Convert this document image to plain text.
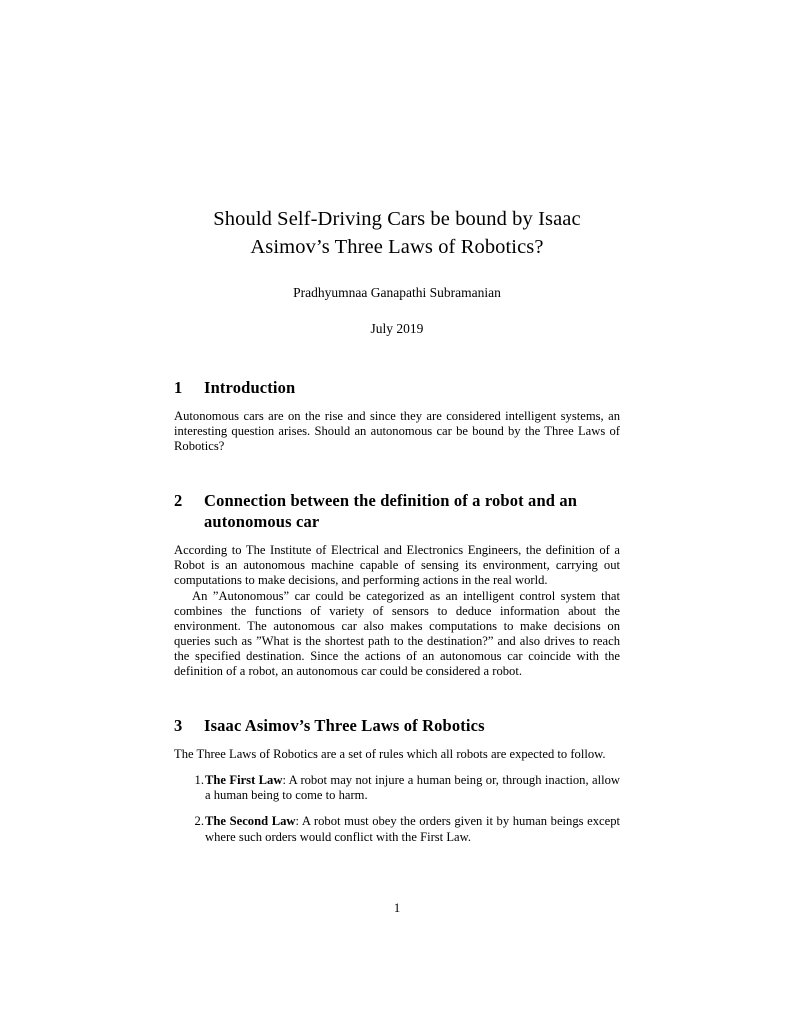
Should Self-Driving Cars be bound by Isaac
Asimov’s Three Laws of Robotics?

Pradhyumnaa Ganapathi Subramanian

July 2019

1 Introduction

Autonomous cars are on the rise and since they are considered intelligent systems, an interesting question arises. Should an autonomous car be bound by the Three Laws of Robotics?

2 Connection between the definition of a robot and an autonomous car

According to The Institute of Electrical and Electronics Engineers, the definition of a Robot is an autonomous machine capable of sensing its environment, carrying out computations to make decisions, and performing actions in the real world.

An ”Autonomous” car could be categorized as an intelligent control system that combines the functions of variety of sensors to deduce information about the environment. The autonomous car also makes computations to make decisions on queries such as ”What is the shortest path to the destination?” and also drives to reach the specified destination. Since the actions of an autonomous car coincide with the definition of a robot, an autonomous car could be considered a robot.

3 Isaac Asimov’s Three Laws of Robotics

The Three Laws of Robotics are a set of rules which all robots are expected to follow.

1. The First Law: A robot may not injure a human being or, through inaction, allow a human being to come to harm.
2. The Second Law: A robot must obey the orders given it by human beings except where such orders would conflict with the First Law.
1
